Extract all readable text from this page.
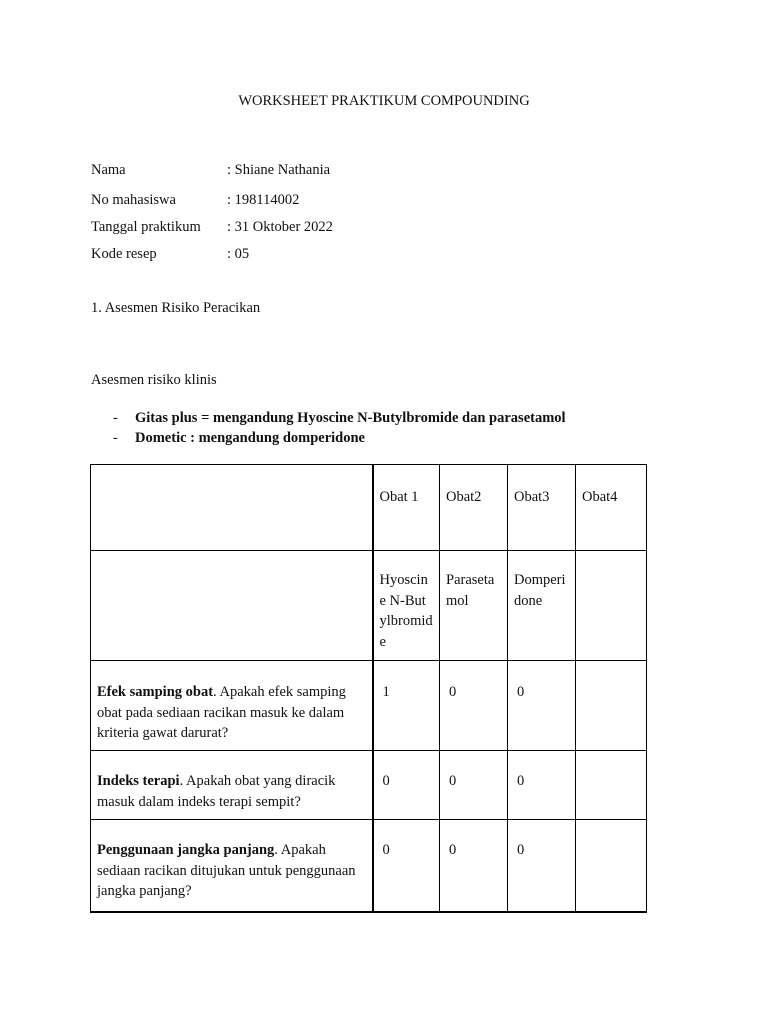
WORKSHEET PRAKTIKUM COMPOUNDING
Nama	: Shiane Nathania
No mahasiswa	: 198114002
Tanggal praktikum : 31 Oktober 2022
Kode resep	: 05
1. Asesmen Risiko Peracikan
Asesmen risiko klinis
- Gitas plus = mengandung Hyoscine N-Butylbromide dan parasetamol
- Dometic : mengandung domperidone
	Obat 1	Obat2	Obat3	Obat4
	Hyoscine N-Butylbromide	Parasetamol	Domperidone	
Efek samping obat. Apakah efek samping obat pada sediaan racikan masuk ke dalam kriteria gawat darurat?	1	0	0	
Indeks terapi. Apakah obat yang diracik masuk dalam indeks terapi sempit?	0	0	0	
Penggunaan jangka panjang. Apakah sediaan racikan ditujukan untuk penggunaan jangka panjang?	0	0	0	
